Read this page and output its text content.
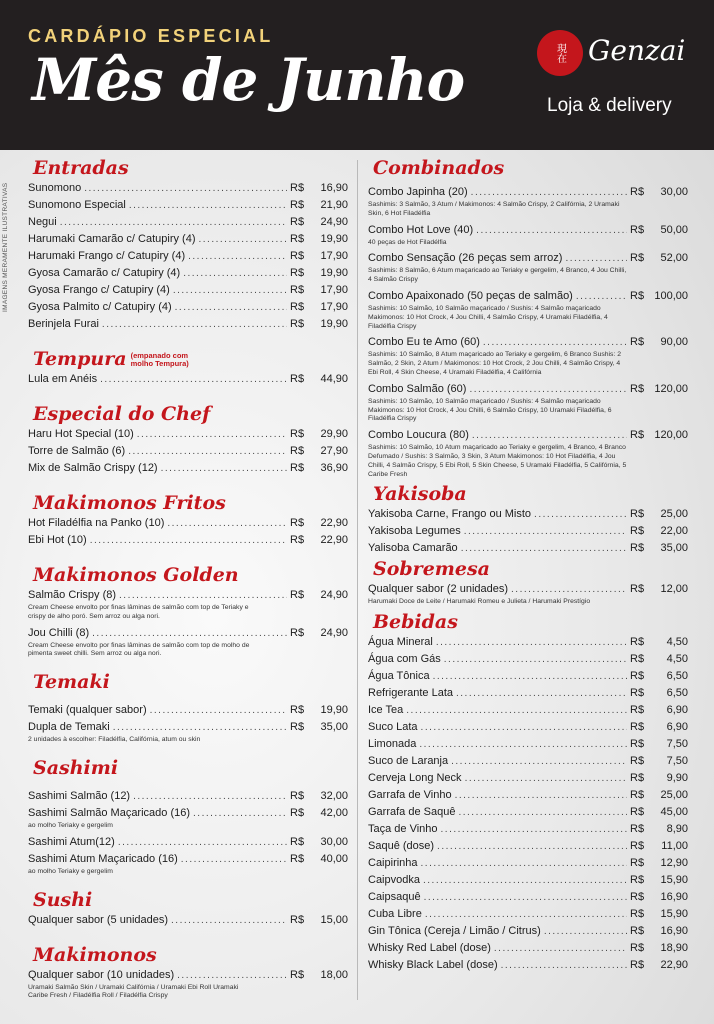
CARDÁPIO ESPECIAL
Mês de Junho	現在 Genzai
Loja & delivery
IMAGENS MERAMENTE ILUSTRATIVAS
Entradas
Sunomono .....	R$	16,90
Sunomono Especial .....	R$	21,90
Negui .....	R$	24,90
Harumaki Camarão c/ Catupiry (4) .....	R$	19,90
Harumaki Frango c/ Catupiry (4) .....	R$	17,90
Gyosa Camarão c/ Catupiry (4) .....	R$	19,90
Gyosa Frango c/ Catupiry (4) .....	R$	17,90
Gyosa Palmito c/ Catupiry (4) .....	R$	17,90
Berinjela Furai .....	R$	19,90
Tempura (empanado com molho Tempura)
Lula em Anéis .....	R$	44,90
Especial do Chef
Haru Hot Special (10) .....	R$	29,90
Torre de Salmão (6) .....	R$	27,90
Mix de Salmão Crispy (12) .....	R$	36,90
Makimonos Fritos
Hot Filadélfia na Panko (10) .....	R$	22,90
Ebi Hot (10) .....	R$	22,90
Makimonos Golden
Salmão Crispy (8) .....	R$	24,90
Cream Cheese envolto por finas lâminas de salmão com top de Teriaky e crispy de alho poró. Sem arroz ou alga nori.
Jou Chilli (8) .....	R$	24,90
Cream Cheese envolto por finas lâminas de salmão com top de molho de pimenta sweet chilli. Sem arroz ou alga nori.
Temaki
Temaki (qualquer sabor) .....	R$	19,90
Dupla de Temaki .....	R$	35,00
2 unidades à escolher: Filadélfia, Califórnia, atum ou skin
Sashimi
Sashimi Salmão (12) .....	R$	32,00
Sashimi Salmão Maçaricado (16) .....	R$	42,00
ao molho Teriaky e gergelim
Sashimi Atum(12) .....	R$	30,00
Sashimi Atum Maçaricado (16) .....	R$	40,00
ao molho Teriaky e gergelim
Sushi
Qualquer sabor (5 unidades) .....	R$	15,00
Makimonos
Qualquer sabor (10 unidades) .....	R$	18,00
Uramaki Salmão Skin / Uramaki Califórnia / Uramaki Ebi Roll Uramaki Caribe Fresh / Filadélfia Roll / Filadélfia Crispy
Combinados
Combo Japinha (20) .....	R$	30,00
Sashimis: 3 Salmão, 3 Atum / Makimonos: 4 Salmão Crispy, 2 Califórnia, 2 Uramaki Skin, 6 Hot Filadélfia
Combo Hot Love (40) .....	R$	50,00
40 peças de Hot Filadélfia
Combo Sensação (26 peças sem arroz) .....	R$	52,00
Sashimis: 8 Salmão, 6 Atum maçaricado ao Teriaky e gergelim, 4 Branco, 4 Jou Chilli, 4 Salmão Crispy
Combo Apaixonado (50 peças de salmão) .....	R$ 100,00
Sashimis: 10 Salmão, 10 Salmão maçaricado / Sushis: 4 Salmão maçaricado Makimonos: 10 Hot Crock, 4 Jou Chilli, 4 Salmão Crispy, 4 Uramaki Filadélfia, 4 Filadélfia Crispy
Combo Eu te Amo (60) .....	R$	90,00
Sashimis: 10 Salmão, 8 Atum maçaricado ao Teriaky e gergelim, 6 Branco Sushis: 2 Salmão, 2 Skin, 2 Atum / Makimonos: 10 Hot Crock, 2 Jou Chilli, 4 Salmão Crispy, 4 Ebi Roll, 4 Skin Cheese, 4 Uramaki Filadélfia, 4 Califórnia
Combo Salmão (60) .....	R$ 120,00
Sashimis: 10 Salmão, 10 Salmão maçaricado / Sushis: 4 Salmão maçaricado Makimonos: 10 Hot Crock, 4 Jou Chilli, 6 Salmão Crispy, 10 Uramaki Filadélfia, 6 Filadélfia Crispy
Combo Loucura (80) .....	R$ 120,00
Sashimis: 10 Salmão, 10 Atum maçaricado ao Teriaky e gergelim, 4 Branco, 4 Branco Defumado / Sushis: 3 Salmão, 3 Skin, 3 Atum Makimonos: 10 Hot Filadélfia, 4 Jou Chilli, 4 Salmão Crispy, 5 Ebi Roll, 5 Skin Cheese, 5 Uramaki Filadélfia, 5 Califórnia, 5 Caribe Fresh
Yakisoba
Yakisoba Carne, Frango ou Misto .....	R$	25,00
Yakisoba Legumes .....	R$	22,00
Yalisoba Camarão .....	R$	35,00
Sobremesa
Qualquer sabor (2 unidades) .....	R$	12,00
Harumaki Doce de Leite / Harumaki Romeu e Julieta / Harumaki Prestígio
Bebidas
Água Mineral .....	R$	4,50
Água com Gás .....	R$	4,50
Água Tônica .....	R$	6,50
Refrigerante Lata .....	R$	6,50
Ice Tea .....	R$	6,90
Suco Lata .....	R$	6,90
Limonada .....	R$	7,50
Suco de Laranja .....	R$	7,50
Cerveja Long Neck .....	R$	9,90
Garrafa de Vinho .....	R$	25,00
Garrafa de Saquê .....	R$	45,00
Taça de Vinho .....	R$	8,90
Saquê (dose) .....	R$	11,00
Caipirinha .....	R$	12,90
Caipvodka .....	R$	15,90
Caipsaquê .....	R$	16,90
Cuba Libre .....	R$	15,90
Gin Tônica (Cereja / Limão / Citrus) .....	R$	16,90
Whisky Red Label (dose) .....	R$	18,90
Whisky Black Label (dose) .....	R$	22,90
